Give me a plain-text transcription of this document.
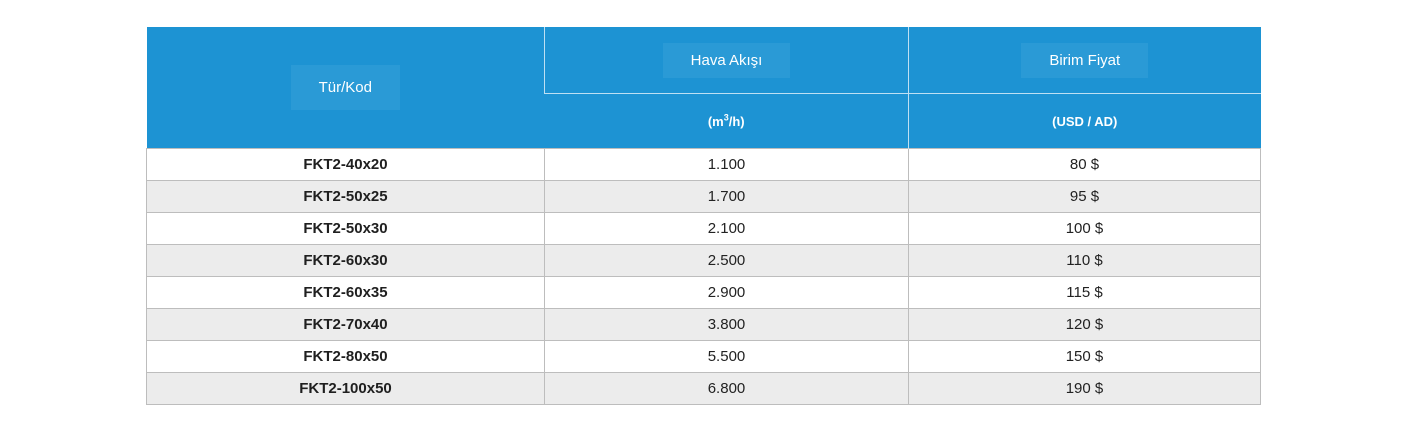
Tür/Kod	Hava Akışı	Birim Fiyat
	$(m^3/h)$	(USD / AD)
FKT2-40x20	1.100	80 $
FKT2-50x25	1.700	95 $
FKT2-50x30	2.100	100 $
FKT2-60x30	2.500	110 $
FKT2-60x35	2.900	115 $
FKT2-70x40	3.800	120 $
FKT2-80x50	5.500	150 $
FKT2-100x50	6.800	190 $
